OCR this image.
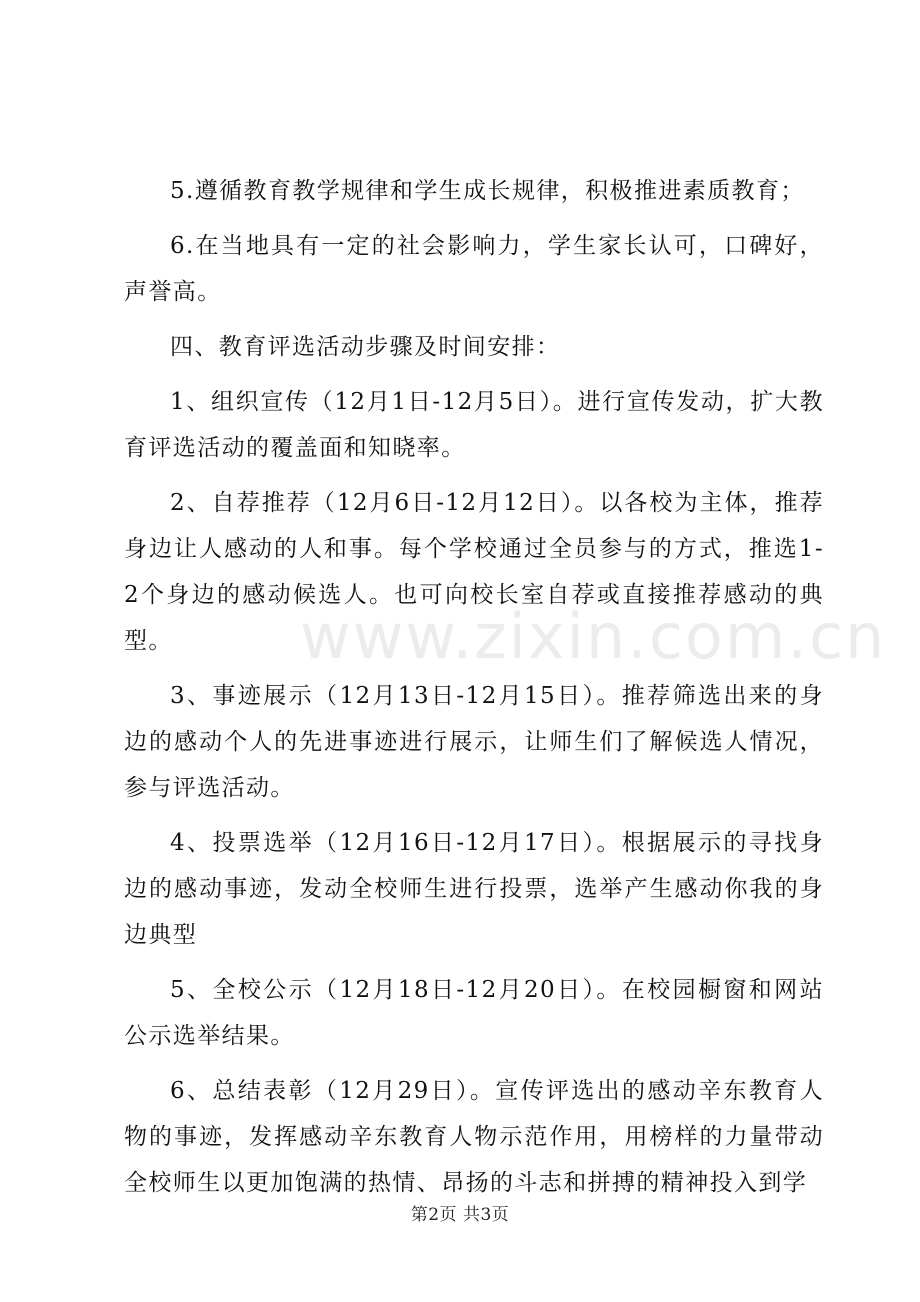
5.遵循教育教学规律和学生成长规律，积极推进素质教育；

6.在当地具有一定的社会影响力，学生家长认可，口碑好，声誉高。

四、教育评选活动步骤及时间安排：

1、组织宣传（12月1日-12月5日）。进行宣传发动，扩大教育评选活动的覆盖面和知晓率。

2、自荐推荐（12月6日-12月12日）。以各校为主体，推荐身边让人感动的人和事。每个学校通过全员参与的方式，推选1-2个身边的感动候选人。也可向校长室自荐或直接推荐感动的典型。

3、事迹展示（12月13日-12月15日）。推荐筛选出来的身边的感动个人的先进事迹进行展示，让师生们了解候选人情况，参与评选活动。

4、投票选举（12月16日-12月17日）。根据展示的寻找身边的感动事迹，发动全校师生进行投票，选举产生感动你我的身边典型

5、全校公示（12月18日-12月20日）。在校园橱窗和网站公示选举结果。

6、总结表彰（12月29日）。宣传评选出的感动辛东教育人物的事迹，发挥感动辛东教育人物示范作用，用榜样的力量带动全校师生以更加饱满的热情、昂扬的斗志和拼搏的精神投入到学

www.zixin.com.cn
第2页 共3页
